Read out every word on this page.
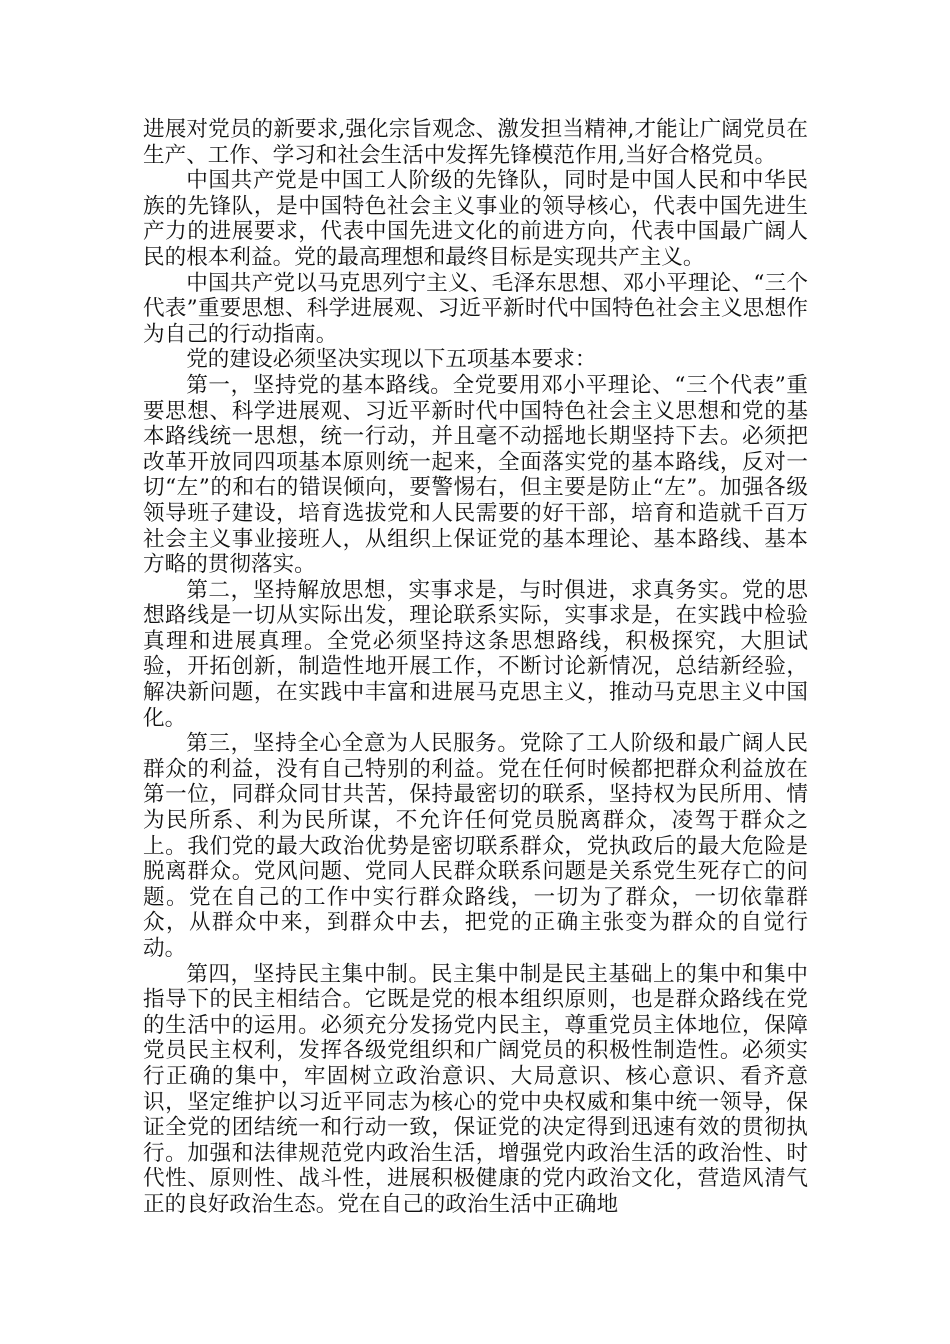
进展对党员的新要求,强化宗旨观念、激发担当精神,才能让广阔党员在生产、工作、学习和社会生活中发挥先锋模范作用,当好合格党员。

中国共产党是中国工人阶级的先锋队，同时是中国人民和中华民族的先锋队，是中国特色社会主义事业的领导核心，代表中国先进生产力的进展要求，代表中国先进文化的前进方向，代表中国最广阔人民的根本利益。党的最高理想和最终目标是实现共产主义。

中国共产党以马克思列宁主义、毛泽东思想、邓小平理论、“三个代表”重要思想、科学进展观、习近平新时代中国特色社会主义思想作为自己的行动指南。

党的建设必须坚决实现以下五项基本要求：

第一，坚持党的基本路线。全党要用邓小平理论、“三个代表”重要思想、科学进展观、习近平新时代中国特色社会主义思想和党的基本路线统一思想，统一行动，并且毫不动摇地长期坚持下去。必须把改革开放同四项基本原则统一起来，全面落实党的基本路线，反对一切“左”的和右的错误倾向，要警惕右，但主要是防止“左”。加强各级领导班子建设，培育选拔党和人民需要的好干部，培育和造就千百万社会主义事业接班人，从组织上保证党的基本理论、基本路线、基本方略的贯彻落实。

第二，坚持解放思想，实事求是，与时俱进，求真务实。党的思想路线是一切从实际出发，理论联系实际，实事求是，在实践中检验真理和进展真理。全党必须坚持这条思想路线，积极探究，大胆试验，开拓创新，制造性地开展工作，不断讨论新情况，总结新经验，解决新问题，在实践中丰富和进展马克思主义，推动马克思主义中国化。

第三，坚持全心全意为人民服务。党除了工人阶级和最广阔人民群众的利益，没有自己特别的利益。党在任何时候都把群众利益放在第一位，同群众同甘共苦，保持最密切的联系，坚持权为民所用、情为民所系、利为民所谋，不允许任何党员脱离群众，凌驾于群众之上。我们党的最大政治优势是密切联系群众，党执政后的最大危险是脱离群众。党风问题、党同人民群众联系问题是关系党生死存亡的问题。党在自己的工作中实行群众路线，一切为了群众，一切依靠群众，从群众中来，到群众中去，把党的正确主张变为群众的自觉行动。

第四，坚持民主集中制。民主集中制是民主基础上的集中和集中指导下的民主相结合。它既是党的根本组织原则，也是群众路线在党的生活中的运用。必须充分发扬党内民主，尊重党员主体地位，保障党员民主权利，发挥各级党组织和广阔党员的积极性制造性。必须实行正确的集中，牢固树立政治意识、大局意识、核心意识、看齐意识，坚定维护以习近平同志为核心的党中央权威和集中统一领导，保证全党的团结统一和行动一致，保证党的决定得到迅速有效的贯彻执行。加强和法律规范党内政治生活，增强党内政治生活的政治性、时代性、原则性、战斗性，进展积极健康的党内政治文化，营造风清气正的良好政治生态。党在自己的政治生活中正确地
